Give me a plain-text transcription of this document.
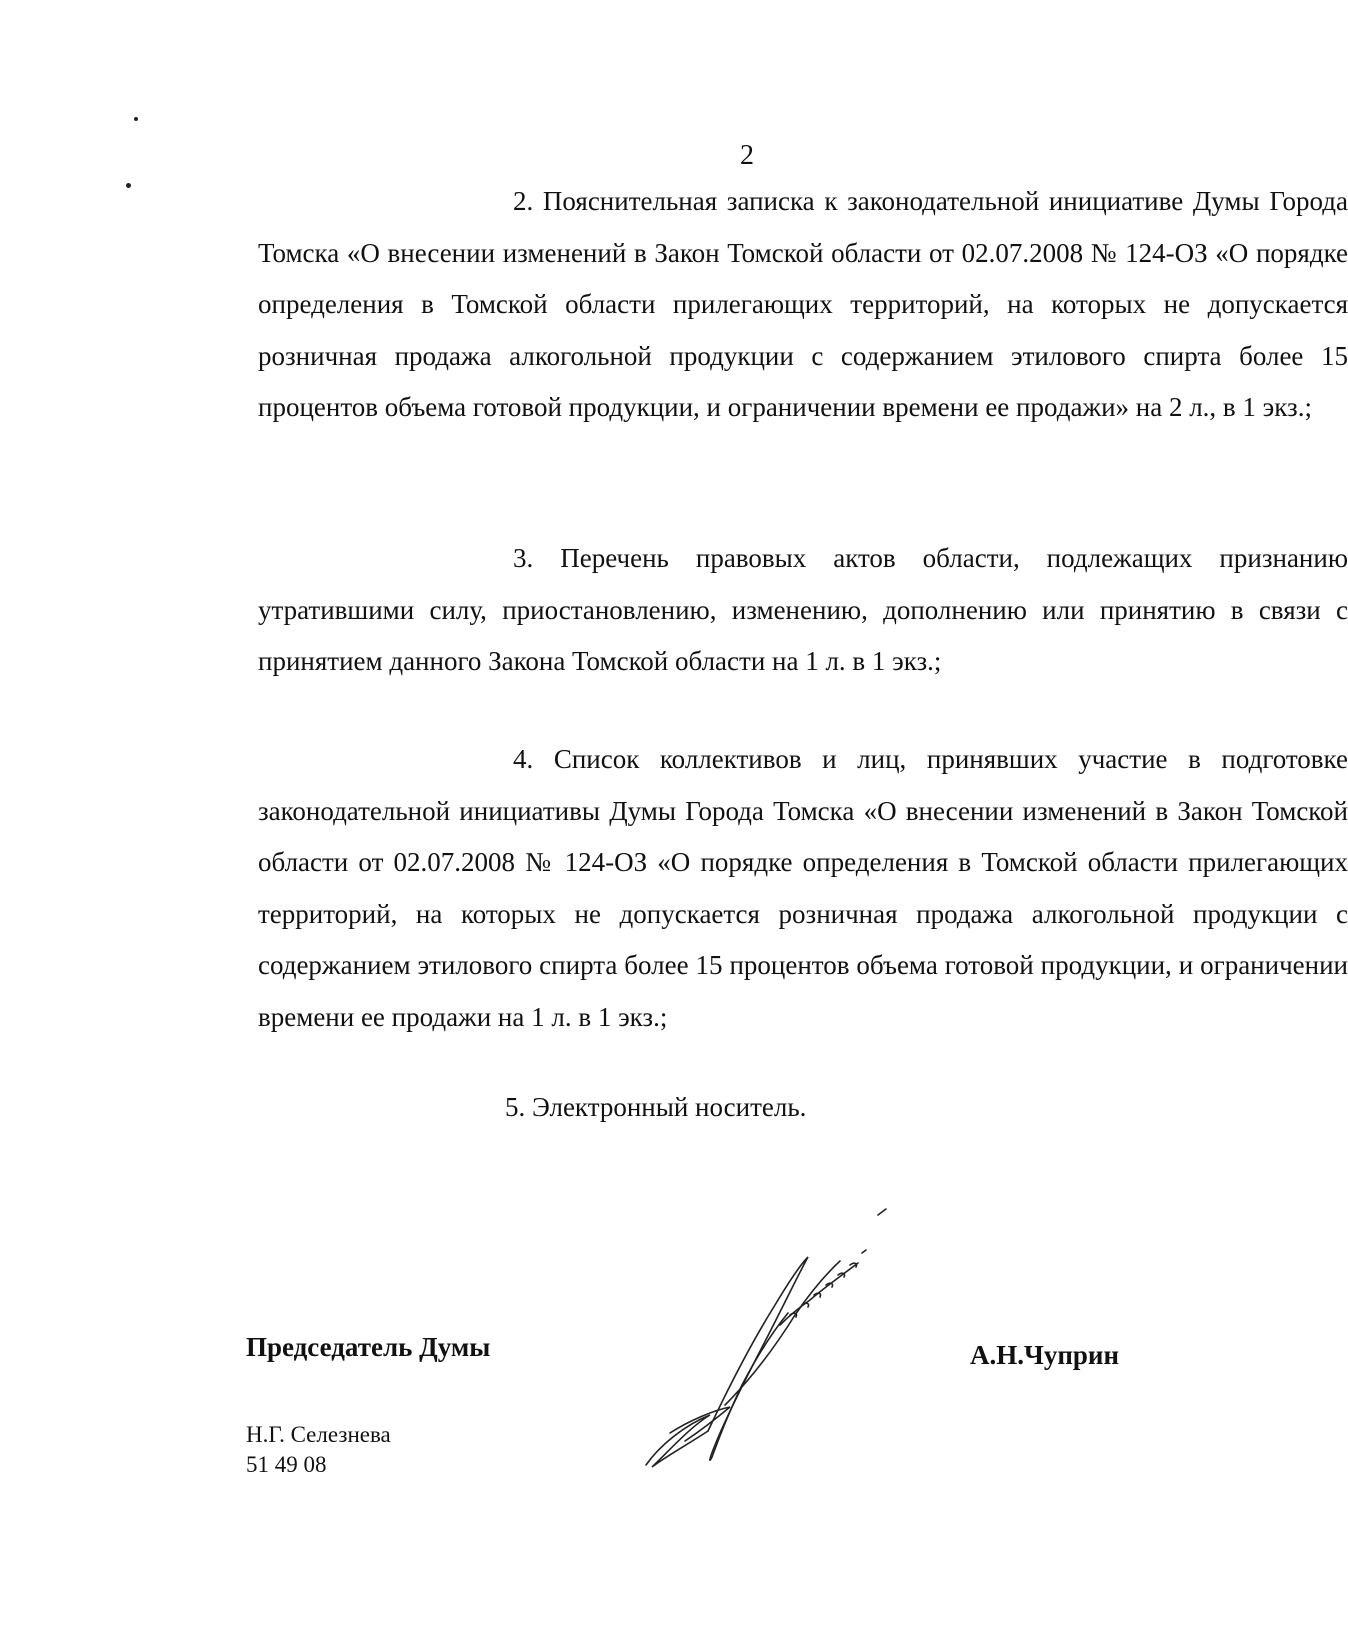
2
2. Пояснительная записка к законодательной инициативе Думы Города Томска «О внесении изменений в Закон Томской области от 02.07.2008 № 124-ОЗ «О порядке определения в Томской области прилегающих территорий, на которых не допускается розничная продажа алкогольной продукции с содержанием этилового спирта более 15 процентов объема готовой продукции, и ограничении времени ее продажи» на 2 л., в 1 экз.;
3. Перечень правовых актов области, подлежащих признанию утратившими силу, приостановлению, изменению, дополнению или принятию в связи с принятием данного Закона Томской области на 1 л. в 1 экз.;
4. Список коллективов и лиц, принявших участие в подготовке законодательной инициативы Думы Города Томска «О внесении изменений в Закон Томской области от 02.07.2008 № 124-ОЗ «О порядке определения в Томской области прилегающих территорий, на которых не допускается розничная продажа алкогольной продукции с содержанием этилового спирта более 15 процентов объема готовой продукции, и ограничении времени ее продажи на 1 л. в 1 экз.;
5. Электронный носитель.
Председатель Думы	А.Н.Чуприн
Н.Г. Селезнева
51 49 08
